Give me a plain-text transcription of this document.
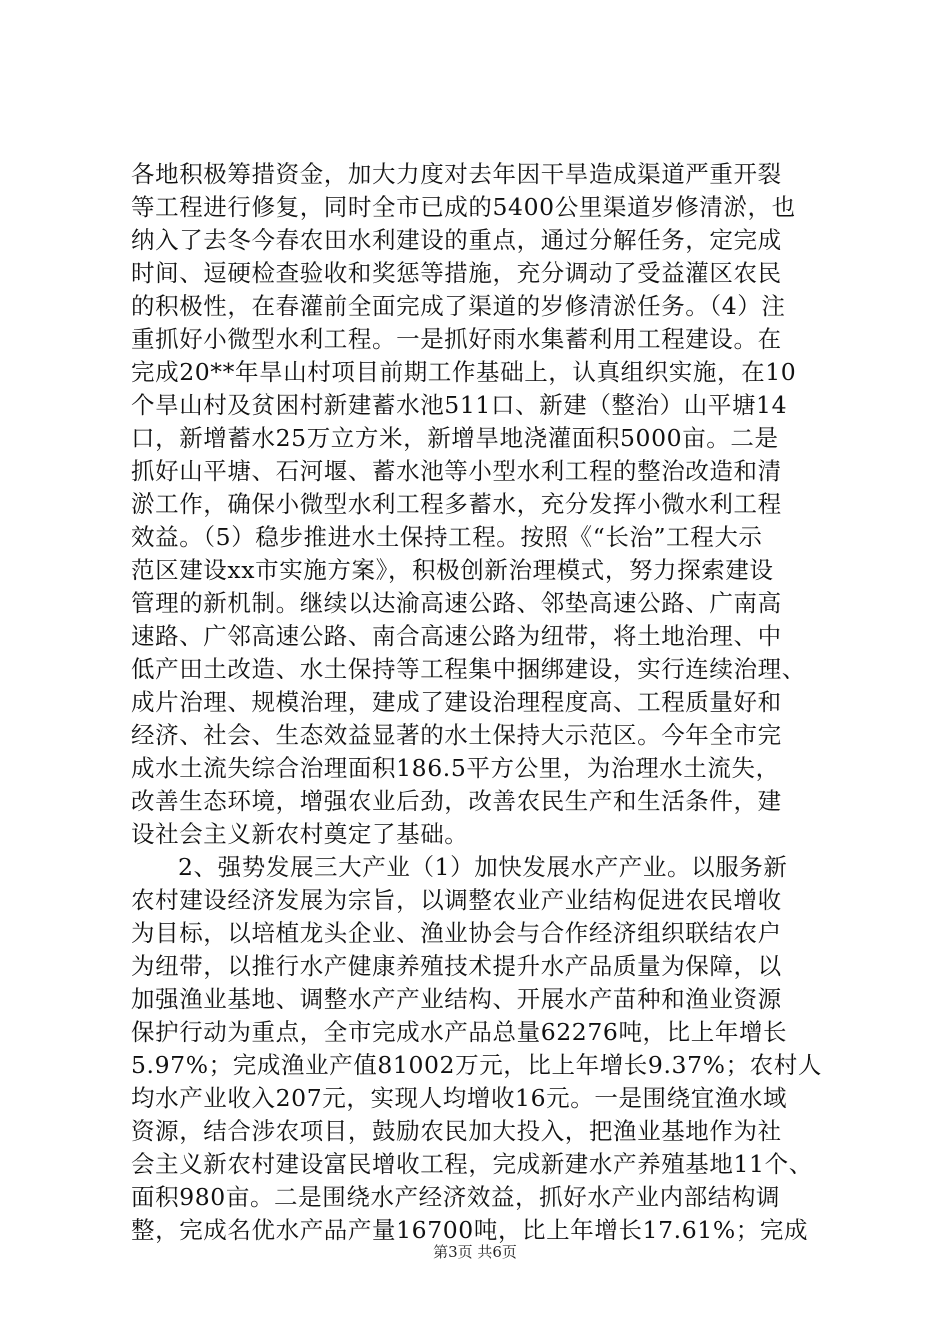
各地积极筹措资金，加大力度对去年因干旱造成渠道严重开裂
等工程进行修复，同时全市已成的5400公里渠道岁修清淤，也
纳入了去冬今春农田水利建设的重点，通过分解任务，定完成
时间、逗硬检查验收和奖惩等措施，充分调动了受益灌区农民
的积极性，在春灌前全面完成了渠道的岁修清淤任务。（4）注
重抓好小微型水利工程。一是抓好雨水集蓄利用工程建设。在
完成20**年旱山村项目前期工作基础上，认真组织实施，在10
个旱山村及贫困村新建蓄水池511口、新建（整治）山平塘14
口，新增蓄水25万立方米，新增旱地浇灌面积5000亩。二是
抓好山平塘、石河堰、蓄水池等小型水利工程的整治改造和清
淤工作，确保小微型水利工程多蓄水，充分发挥小微水利工程
效益。（5）稳步推进水土保持工程。按照《“长治”工程大示
范区建设xx市实施方案》，积极创新治理模式，努力探索建设
管理的新机制。继续以达渝高速公路、邻垫高速公路、广南高
速路、广邻高速公路、南合高速公路为纽带，将土地治理、中
低产田土改造、水土保持等工程集中捆绑建设，实行连续治理、
成片治理、规模治理，建成了建设治理程度高、工程质量好和
经济、社会、生态效益显著的水土保持大示范区。今年全市完
成水土流失综合治理面积186.5平方公里，为治理水土流失，
改善生态环境，增强农业后劲，改善农民生产和生活条件，建
设社会主义新农村奠定了基础。
2、强势发展三大产业（1）加快发展水产产业。以服务新
农村建设经济发展为宗旨，以调整农业产业结构促进农民增收
为目标，以培植龙头企业、渔业协会与合作经济组织联结农户
为纽带，以推行水产健康养殖技术提升水产品质量为保障，以
加强渔业基地、调整水产产业结构、开展水产苗种和渔业资源
保护行动为重点，全市完成水产品总量62276吨，比上年增长
5.97%；完成渔业产值81002万元，比上年增长9.37%；农村人
均水产业收入207元，实现人均增收16元。一是围绕宜渔水域
资源，结合涉农项目，鼓励农民加大投入，把渔业基地作为社
会主义新农村建设富民增收工程，完成新建水产养殖基地11个、
面积980亩。二是围绕水产经济效益，抓好水产业内部结构调
整，完成名优水产品产量16700吨，比上年增长17.61%；完成
第3页 共6页
